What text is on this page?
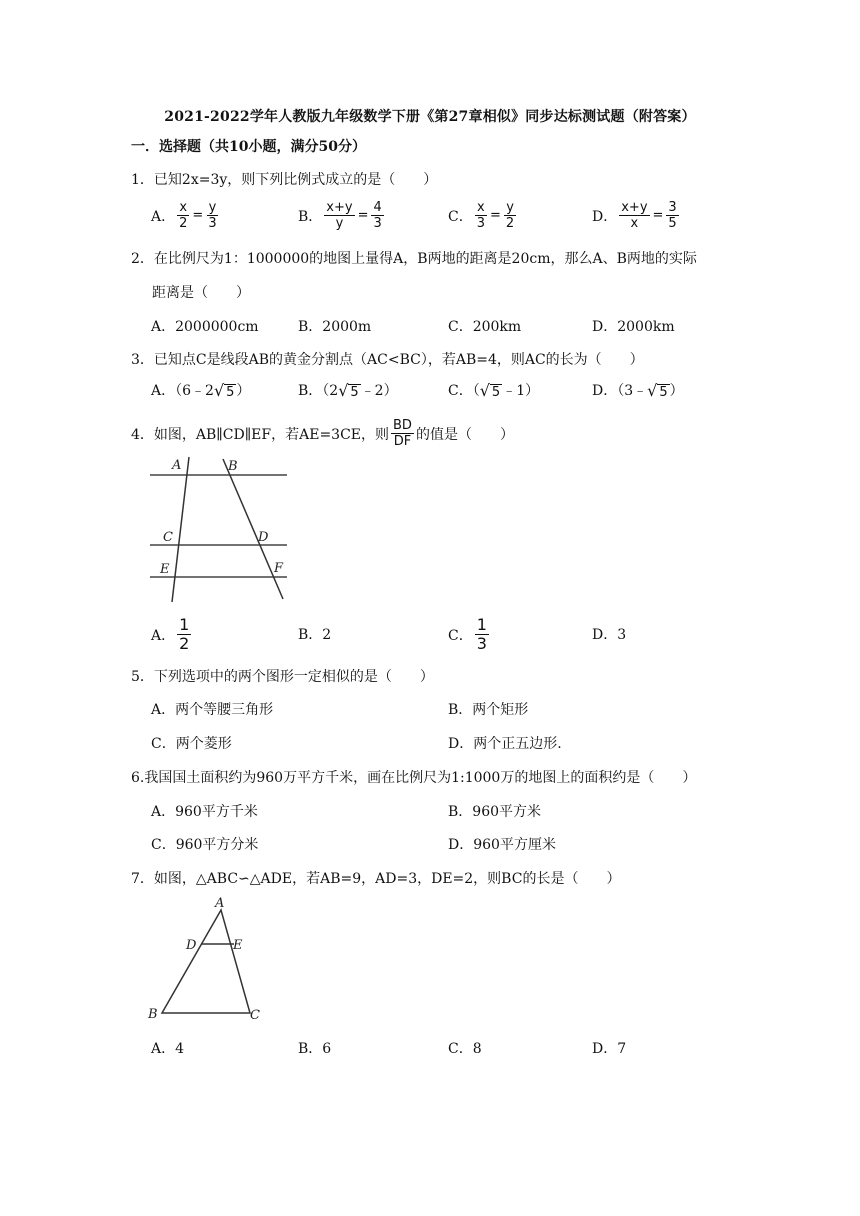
2021-2022学年人教版九年级数学下册《第27章相似》同步达标测试题（附答案）
一．选择题（共10小题，满分50分）
1．已知2x=3y，则下列比例式成立的是（　　）
A． $\frac{x}{2} = \frac{y}{3}$	B． $\frac{x+y}{y} = \frac{4}{3}$	C． $\frac{x}{3} = \frac{y}{2}$	D． $\frac{x+y}{x} = \frac{3}{5}$
2．在比例尺为1：1000000的地图上量得A，B两地的距离是20cm，那么A、B两地的实际
距离是（　　）
A．2000000cm	B．2000m	C．200km	D．2000km
3．已知点C是线段AB的黄金分割点（AC<BC），若AB=4，则AC的长为（　　）
A．（6﹣2 √ 5 ）	B．（2 √ 5 ﹣2）	C．（ √ 5 ﹣1）	D．（3﹣ √ 5 ）
4．如图，AB∥CD∥EF，若AE=3CE，则 $\frac{BD}{DF}$ 的值是（　　）
A	B
C	D
E	F
A． $\frac{1}{2}$	B．2	C． $\frac{1}{3}$	D．3
5．下列选项中的两个图形一定相似的是（　　）
A．两个等腰三角形	B．两个矩形
C．两个菱形	D．两个正五边形.
6.我国国土面积约为960万平方千米，画在比例尺为1:1000万的地图上的面积约是（　　）
A．960平方千米	B．960平方米
C．960平方分米	D．960平方厘米
7．如图，△ABC∽△ADE，若AB=9，AD=3，DE=2，则BC的长是（　　）
A
D	E
B	C
A．4	B．6	C．8	D．7
